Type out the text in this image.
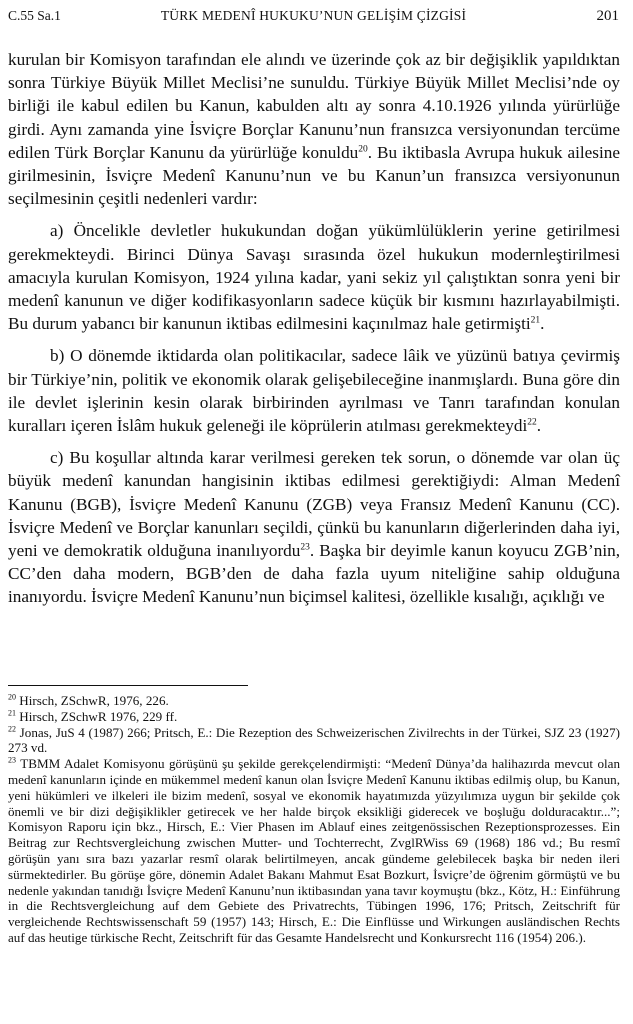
C.55 Sa.1	TÜRK MEDENÎ HUKUKU’NUN GELİŞİM ÇİZGİSİ	201

kurulan bir Komisyon tarafından ele alındı ve üzerinde çok az bir değişiklik yapıldıktan sonra Türkiye Büyük Millet Meclisi’ne sunuldu. Türkiye Büyük Millet Meclisi’nde oy birliği ile kabul edilen bu Kanun, kabulden altı ay sonra 4.10.1926 yılında yürürlüğe girdi. Aynı zamanda yine İsviçre Borçlar Kanunu’nun fransızca versiyonundan tercüme edilen Türk Borçlar Kanunu da yürürlüğe konuldu$^{20}$. Bu iktibasla Avrupa hukuk ailesine girilmesinin, İsviçre Medenî Kanunu’nun ve bu Kanun’un fransızca versiyonunun seçilmesinin çeşitli nedenleri vardır:

a) Öncelikle devletler hukukundan doğan yükümlülüklerin yerine getirilmesi gerekmekteydi. Birinci Dünya Savaşı sırasında özel hukukun modernleştirilmesi amacıyla kurulan Komisyon, 1924 yılına kadar, yani sekiz yıl çalıştıktan sonra yeni bir medenî kanunun ve diğer kodifikasyonların sadece küçük bir kısmını hazırlayabilmişti. Bu durum yabancı bir kanunun iktibas edilmesini kaçınılmaz hale getirmişti$^{21}$.

b) O dönemde iktidarda olan politikacılar, sadece lâik ve yüzünü batıya çevirmiş bir Türkiye’nin, politik ve ekonomik olarak gelişebileceğine inanmışlardı. Buna göre din ile devlet işlerinin kesin olarak birbirinden ayrılması ve Tanrı tarafından konulan kuralları içeren İslâm hukuk geleneği ile köprülerin atılması gerekmekteydi$^{22}$.

c) Bu koşullar altında karar verilmesi gereken tek sorun, o dönemde var olan üç büyük medenî kanundan hangisinin iktibas edilmesi gerektiğiydi: Alman Medenî Kanunu (BGB), İsviçre Medenî Kanunu (ZGB) veya Fransız Medenî Kanunu (CC). İsviçre Medenî ve Borçlar kanunları seçildi, çünkü bu kanunların diğerlerinden daha iyi, yeni ve demokratik olduğuna inanılıyordu$^{23}$. Başka bir deyimle kanun koyucu ZGB’nin, CC’den daha modern, BGB’den de daha fazla uyum niteliğine sahip olduğuna inanıyordu. İsviçre Medenî Kanunu’nun biçimsel kalitesi, özellikle kısalığı, açıklığı ve

$^{20}$ Hirsch, ZSchwR, 1976, 226.

$^{21}$ Hirsch, ZSchwR 1976, 229 ff.

$^{22}$ Jonas, JuS 4 (1987) 266; Pritsch, E.: Die Rezeption des Schweizerischen Zivilrechts in der Türkei, SJZ 23 (1927) 273 vd.

$^{23}$ TBMM Adalet Komisyonu görüşünü şu şekilde gerekçelendirmişti: “Medenî Dünya’da halihazırda mevcut olan medenî kanunların içinde en mükemmel medenî kanun olan İsviçre Medenî Kanunu iktibas edilmiş olup, bu Kanun, yeni hükümleri ve ilkeleri ile bizim medenî, sosyal ve ekonomik hayatımızda yüzyılımıza uygun bir şekilde çok önemli ve bir dizi değişiklikler getirecek ve her halde birçok eksikliği giderecek ve boşluğu dolduracaktır...”; Komisyon Raporu için bkz., Hirsch, E.: Vier Phasen im Ablauf eines zeitgenössischen Rezeptionsprozesses. Ein Beitrag zur Rechtsvergleichung zwischen Mutter- und Tochterrecht, ZvglRWiss 69 (1968) 186 vd.; Bu resmî görüşün yanı sıra bazı yazarlar resmî olarak belirtilmeyen, ancak gündeme gelebilecek başka bir neden ileri sürmektedirler. Bu görüşe göre, dönemin Adalet Bakanı Mahmut Esat Bozkurt, İsviçre’de öğrenim görmüştü ve bu nedenle yakından tanıdığı İsviçre Medenî Kanunu’nun iktibasından yana tavır koymuştu (bkz., Kötz, H.: Einführung in die Rechtsvergleichung auf dem Gebiete des Privatrechts, Tübingen 1996, 176; Pritsch, Zeitschrift für vergleichende Rechtswissenschaft 59 (1957) 143; Hirsch, E.: Die Einflüsse und Wirkungen ausländischen Rechts auf das heutige türkische Recht, Zeitschrift für das Gesamte Handelsrecht und Konkursrecht 116 (1954) 206.).
